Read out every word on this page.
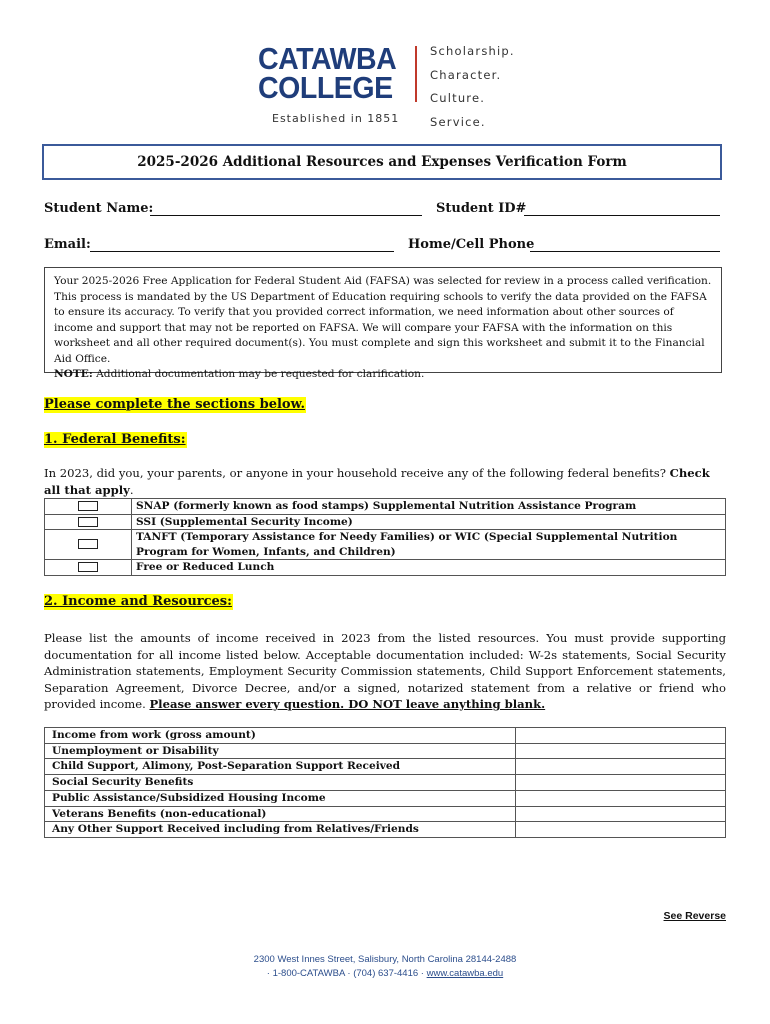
CATAWBA
COLLEGE
Established in 1851
Scholarship.
Character.
Culture.
Service.
2025-2026 Additional Resources and Expenses Verification Form
Student Name:	Student ID#
Email:	Home/Cell Phone
Your 2025-2026 Free Application for Federal Student Aid (FAFSA) was selected for review in a process called verification. This process is mandated by the US Department of Education requiring schools to verify the data provided on the FAFSA to ensure its accuracy. To verify that you provided correct information, we need information about other sources of income and support that may not be reported on FAFSA. We will compare your FAFSA with the information on this worksheet and all other required document(s). You must complete and sign this worksheet and submit it to the Financial Aid Office.
NOTE: Additional documentation may be requested for clarification.
Please complete the sections below.
1. Federal Benefits:
In 2023, did you, your parents, or anyone in your household receive any of the following federal benefits? Check all that apply.
	SNAP (formerly known as food stamps) Supplemental Nutrition Assistance Program
	SSI (Supplemental Security Income)
	TANFT (Temporary Assistance for Needy Families) or WIC (Special Supplemental Nutrition Program for Women, Infants, and Children)
	Free or Reduced Lunch
2. Income and Resources:
Please list the amounts of income received in 2023 from the listed resources. You must provide supporting documentation for all income listed below. Acceptable documentation included: W-2s statements, Social Security Administration statements, Employment Security Commission statements, Child Support Enforcement statements, Separation Agreement, Divorce Decree, and/or a signed, notarized statement from a relative or friend who provided income. Please answer every question. DO NOT leave anything blank.
Income from work (gross amount)	
Unemployment or Disability	
Child Support, Alimony, Post-Separation Support Received	
Social Security Benefits	
Public Assistance/Subsidized Housing Income	
Veterans Benefits (non-educational)	
Any Other Support Received including from Relatives/Friends	
See Reverse
2300 West Innes Street, Salisbury, North Carolina 28144-2488
· 1-800-CATAWBA · (704) 637-4416 · www.catawba.edu
